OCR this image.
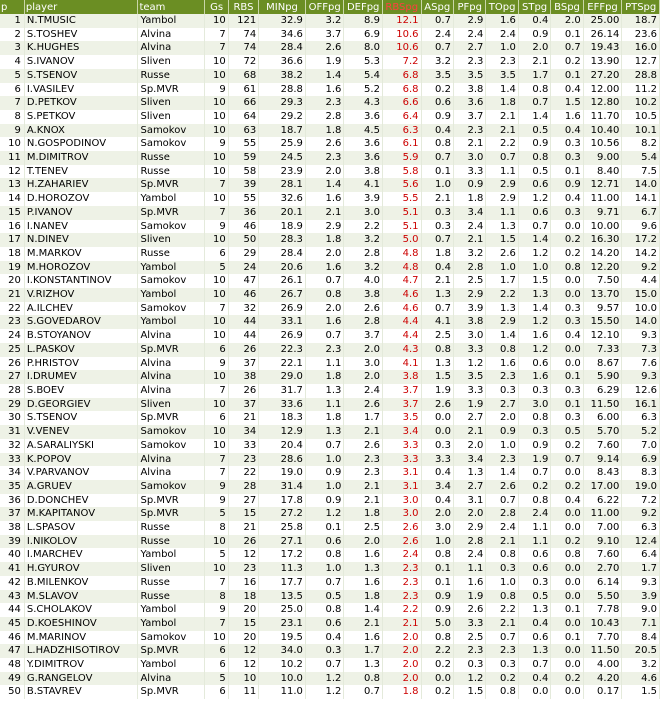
p	player	team	Gs	RBS	MINpg	OFFpg	DEFpg	RBSpg	ASpg	PFpg	TOpg	STpg	BSpg	EFFpg	PTSpg
1	N.TMUSIC	Yambol	10	121	32.9	3.2	8.9	12.1	0.7	2.9	1.6	0.4	2.0	25.00	18.7
2	S.TOSHEV	Alvina	7	74	34.6	3.7	6.9	10.6	2.4	2.4	2.4	0.9	0.1	26.14	23.6
3	K.HUGHES	Alvina	7	74	28.4	2.6	8.0	10.6	0.7	2.7	1.0	2.0	0.7	19.43	16.0
4	S.IVANOV	Sliven	10	72	36.6	1.9	5.3	7.2	3.2	2.3	2.3	2.1	0.2	13.90	12.7
5	S.TSENOV	Russe	10	68	38.2	1.4	5.4	6.8	3.5	3.5	3.5	1.7	0.1	27.20	28.8
6	I.VASILEV	Sp.MVR	9	61	28.8	1.6	5.2	6.8	0.2	3.8	1.4	0.8	0.4	12.00	11.2
7	D.PETKOV	Sliven	10	66	29.3	2.3	4.3	6.6	0.6	3.6	1.8	0.7	1.5	12.80	10.2
8	S.PETKOV	Sliven	10	64	29.2	2.8	3.6	6.4	0.9	3.7	2.1	1.4	1.6	11.70	10.5
9	A.KNOX	Samokov	10	63	18.7	1.8	4.5	6.3	0.4	2.3	2.1	0.5	0.4	10.40	10.1
10	N.GOSPODINOV	Samokov	9	55	25.9	2.6	3.6	6.1	0.8	2.1	2.2	0.9	0.3	10.56	8.2
11	M.DIMITROV	Russe	10	59	24.5	2.3	3.6	5.9	0.7	3.0	0.7	0.8	0.3	9.00	5.4
12	T.TENEV	Russe	10	58	23.9	2.0	3.8	5.8	0.1	3.3	1.1	0.5	0.1	8.40	7.5
13	H.ZAHARIEV	Sp.MVR	7	39	28.1	1.4	4.1	5.6	1.0	0.9	2.9	0.6	0.9	12.71	14.0
14	D.HOROZOV	Yambol	10	55	32.6	1.6	3.9	5.5	2.1	1.8	2.9	1.2	0.4	11.00	14.1
15	P.IVANOV	Sp.MVR	7	36	20.1	2.1	3.0	5.1	0.3	3.4	1.1	0.6	0.3	9.71	6.7
16	I.NANEV	Samokov	9	46	18.9	2.9	2.2	5.1	0.3	2.4	1.3	0.7	0.0	10.00	9.6
17	N.DINEV	Sliven	10	50	28.3	1.8	3.2	5.0	0.7	2.1	1.5	1.4	0.2	16.30	17.2
18	M.MARKOV	Russe	6	29	28.4	2.0	2.8	4.8	1.8	3.2	2.6	1.2	0.2	14.20	14.2
19	M.HOROZOV	Yambol	5	24	20.6	1.6	3.2	4.8	0.4	2.8	1.0	1.0	0.8	12.20	9.2
20	I.KONSTANTINOV	Samokov	10	47	26.1	0.7	4.0	4.7	2.1	2.5	1.7	1.5	0.0	7.50	4.4
21	V.RIZHOV	Yambol	10	46	26.7	0.8	3.8	4.6	1.3	2.9	2.2	1.3	0.0	13.70	15.0
22	A.ILCHEV	Samokov	7	32	26.9	2.0	2.6	4.6	0.7	3.9	1.3	1.4	0.3	9.57	10.0
23	S.GOVEDAROV	Yambol	10	44	33.1	1.6	2.8	4.4	4.1	3.8	2.9	1.2	0.3	15.50	14.0
24	B.STOYANOV	Alvina	10	44	26.9	0.7	3.7	4.4	2.5	3.0	1.4	1.6	0.4	12.10	9.3
25	L.PASKOV	Sp.MVR	6	26	22.3	2.3	2.0	4.3	0.8	3.3	0.8	1.2	0.0	7.33	7.3
26	P.HRISTOV	Alvina	9	37	22.1	1.1	3.0	4.1	1.3	1.2	1.6	0.6	0.0	8.67	7.6
27	I.DRUMEV	Alvina	10	38	29.0	1.8	2.0	3.8	1.5	3.5	2.3	1.6	0.1	5.90	9.3
28	S.BOEV	Alvina	7	26	31.7	1.3	2.4	3.7	1.9	3.3	0.3	0.3	0.3	6.29	12.6
29	D.GEORGIEV	Sliven	10	37	33.6	1.1	2.6	3.7	2.6	1.9	2.7	3.0	0.1	11.50	16.1
30	S.TSENOV	Sp.MVR	6	21	18.3	1.8	1.7	3.5	0.0	2.7	2.0	0.8	0.3	6.00	6.3
31	V.VENEV	Samokov	10	34	12.9	1.3	2.1	3.4	0.0	2.1	0.9	0.3	0.5	5.70	5.2
32	A.SARALIYSKI	Samokov	10	33	20.4	0.7	2.6	3.3	0.3	2.0	1.0	0.9	0.2	7.60	7.0
33	K.POPOV	Alvina	7	23	28.6	1.0	2.3	3.3	3.3	3.4	2.3	1.9	0.7	9.14	6.9
34	V.PARVANOV	Alvina	7	22	19.0	0.9	2.3	3.1	0.4	1.3	1.4	0.7	0.0	8.43	8.3
35	A.GRUEV	Samokov	9	28	31.4	1.0	2.1	3.1	3.4	2.7	2.6	0.2	0.2	17.00	19.0
36	D.DONCHEV	Sp.MVR	9	27	17.8	0.9	2.1	3.0	0.4	3.1	0.7	0.8	0.4	6.22	7.2
37	M.KAPITANOV	Sp.MVR	5	15	27.2	1.2	1.8	3.0	2.0	2.0	2.8	2.4	0.0	11.00	9.2
38	L.SPASOV	Russe	8	21	25.8	0.1	2.5	2.6	3.0	2.9	2.4	1.1	0.0	7.00	6.3
39	I.NIKOLOV	Russe	10	26	27.1	0.6	2.0	2.6	1.0	2.8	2.1	1.1	0.2	9.10	12.4
40	I.MARCHEV	Yambol	5	12	17.2	0.8	1.6	2.4	0.8	2.4	0.8	0.6	0.8	7.60	6.4
41	H.GYUROV	Sliven	10	23	11.3	1.0	1.3	2.3	0.1	1.1	0.3	0.6	0.0	2.70	1.7
42	B.MILENKOV	Russe	7	16	17.7	0.7	1.6	2.3	0.1	1.6	1.0	0.3	0.0	6.14	9.3
43	M.SLAVOV	Russe	8	18	13.5	0.5	1.8	2.3	0.9	1.9	0.8	0.5	0.0	5.50	3.9
44	S.CHOLAKOV	Yambol	9	20	25.0	0.8	1.4	2.2	0.9	2.6	2.2	1.3	0.1	7.78	9.0
45	D.KOESHINOV	Yambol	7	15	23.1	0.6	2.1	2.1	5.0	3.3	2.1	0.4	0.0	10.43	7.1
46	M.MARINOV	Samokov	10	20	19.5	0.4	1.6	2.0	0.8	2.5	0.7	0.6	0.1	7.70	8.4
47	L.HADZHISOTIROV	Sp.MVR	6	12	34.0	0.3	1.7	2.0	2.2	2.3	2.3	1.3	0.0	11.50	20.5
48	Y.DIMITROV	Yambol	6	12	10.2	0.7	1.3	2.0	0.2	0.3	0.3	0.7	0.0	4.00	3.2
49	G.RANGELOV	Alvina	5	10	10.0	1.2	0.8	2.0	0.0	1.2	0.2	0.4	0.2	4.20	4.6
50	B.STAVREV	Sp.MVR	6	11	11.0	1.2	0.7	1.8	0.2	1.5	0.8	0.0	0.0	0.17	1.5
